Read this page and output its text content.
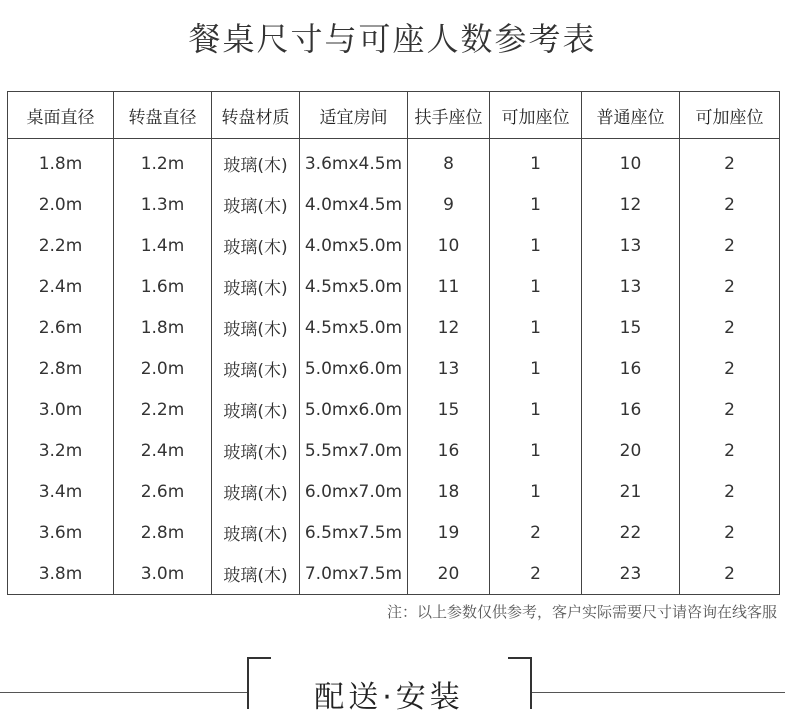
餐桌尺寸与可座人数参考表
桌面直径	转盘直径	转盘材质	适宜房间	扶手座位	可加座位	普通座位	可加座位
1.8m	1.2m	玻璃(木)	3.6mx4.5m	8	1	10	2
2.0m	1.3m	玻璃(木)	4.0mx4.5m	9	1	12	2
2.2m	1.4m	玻璃(木)	4.0mx5.0m	10	1	13	2
2.4m	1.6m	玻璃(木)	4.5mx5.0m	11	1	13	2
2.6m	1.8m	玻璃(木)	4.5mx5.0m	12	1	15	2
2.8m	2.0m	玻璃(木)	5.0mx6.0m	13	1	16	2
3.0m	2.2m	玻璃(木)	5.0mx6.0m	15	1	16	2
3.2m	2.4m	玻璃(木)	5.5mx7.0m	16	1	20	2
3.4m	2.6m	玻璃(木)	6.0mx7.0m	18	1	21	2
3.6m	2.8m	玻璃(木)	6.5mx7.5m	19	2	22	2
3.8m	3.0m	玻璃(木)	7.0mx7.5m	20	2	23	2
注：以上参数仅供参考，客户实际需要尺寸请咨询在线客服
配送·安装
